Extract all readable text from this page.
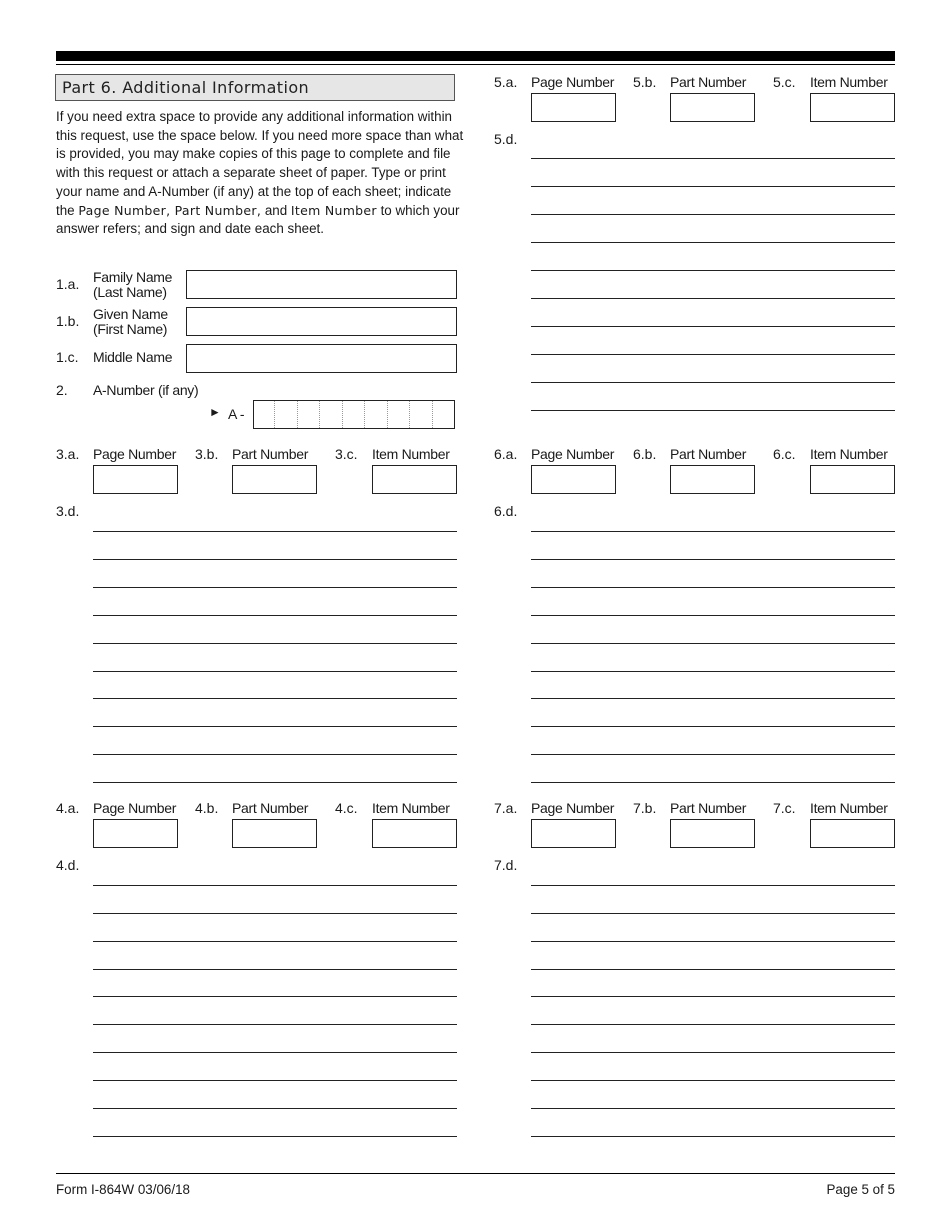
Part 6. Additional Information
If you need extra space to provide any additional information within this request, use the space below. If you need more space than what is provided, you may make copies of this page to complete and file with this request or attach a separate sheet of paper. Type or print your name and A-Number (if any) at the top of each sheet; indicate the Page Number, Part Number, and Item Number to which your answer refers; and sign and date each sheet.
1.a. Family Name
(Last Name)
1.b. Given Name
(First Name)
1.c. Middle Name
2. A-Number (if any)
► A -
3.a. Page Number 3.b. Part Number 3.c. Item Number
3.d.
4.a. Page Number 4.b. Part Number 4.c. Item Number
4.d.
5.a. Page Number 5.b. Part Number 5.c. Item Number
5.d.
6.a. Page Number 6.b. Part Number 6.c. Item Number
6.d.
7.a. Page Number 7.b. Part Number 7.c. Item Number
7.d.
Form I-864W 03/06/18	Page 5 of 5
